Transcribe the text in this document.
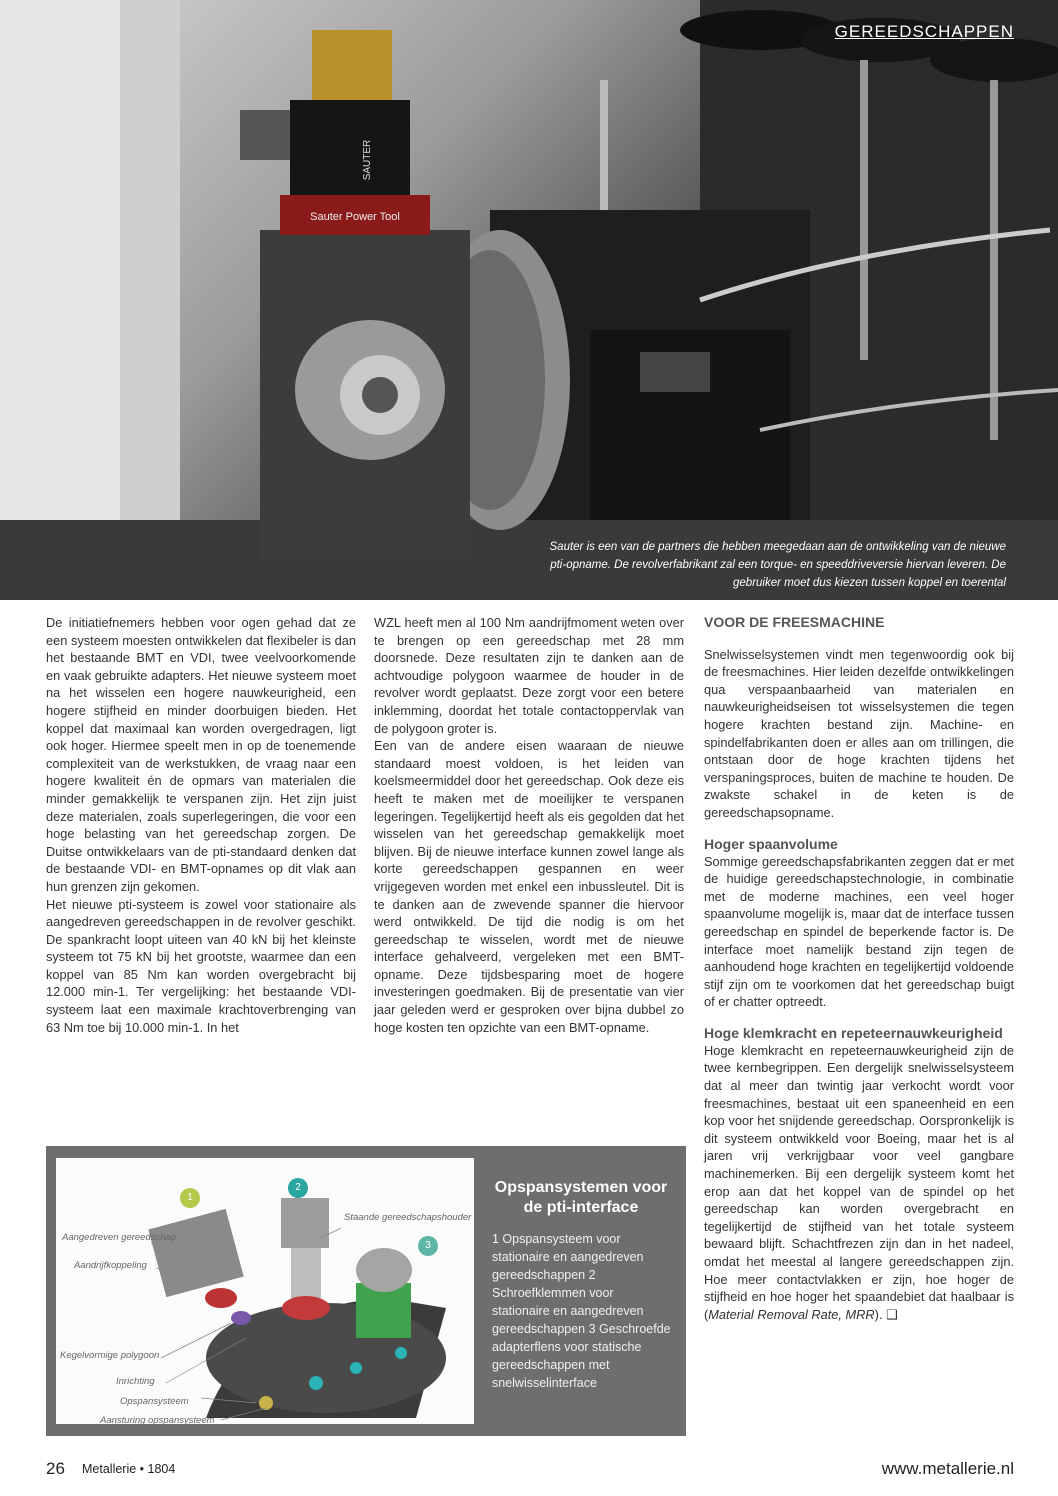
Sauter Power Tool
SAUTER
GEREEDSCHAPPEN
Sauter is een van de partners die hebben meegedaan aan de ontwikkeling van de nieuwe pti-opname. De revolverfabrikant zal een torque- en speeddriveversie hiervan leveren. De gebruiker moet dus kiezen tussen koppel en toerental

De initiatiefnemers hebben voor ogen gehad dat ze een systeem moesten ontwikkelen dat flexibeler is dan het bestaande BMT en VDI, twee veelvoorkomende en vaak gebruikte adapters. Het nieuwe systeem moet na het wisselen een hogere nauwkeurigheid, een hogere stijfheid en minder doorbuigen bieden. Het koppel dat maximaal kan worden overgedragen, ligt ook hoger. Hiermee speelt men in op de toenemende complexiteit van de werkstukken, de vraag naar een hogere kwaliteit én de opmars van materialen die minder gemakkelijk te verspanen zijn. Het zijn juist deze materialen, zoals superlegeringen, die voor een hoge belasting van het gereedschap zorgen. De Duitse ontwikkelaars van de pti-standaard denken dat de bestaande VDI- en BMT-opnames op dit vlak aan hun grenzen zijn gekomen.

Het nieuwe pti-systeem is zowel voor stationaire als aangedreven gereedschappen in de revolver geschikt. De spankracht loopt uiteen van 40 kN bij het kleinste systeem tot 75 kN bij het grootste, waarmee dan een koppel van 85 Nm kan worden overgebracht bij 12.000 min-1. Ter vergelijking: het bestaande VDI-systeem laat een maximale krachtoverbrenging van 63 Nm toe bij 10.000 min-1. In het

WZL heeft men al 100 Nm aandrijfmoment weten over te brengen op een gereedschap met 28 mm doorsnede. Deze resultaten zijn te danken aan de achtvoudige polygoon waarmee de houder in de revolver wordt geplaatst. Deze zorgt voor een betere inklemming, doordat het totale contactoppervlak van de polygoon groter is.

Een van de andere eisen waaraan de nieuwe standaard moest voldoen, is het leiden van koelsmeermiddel door het gereedschap. Ook deze eis heeft te maken met de moeilijker te verspanen legeringen. Tegelijkertijd heeft als eis gegolden dat het wisselen van het gereedschap gemakkelijk moet blijven. Bij de nieuwe interface kunnen zowel lange als korte gereedschappen gespannen en weer vrijgegeven worden met enkel een inbussleutel. Dit is te danken aan de zwevende spanner die hiervoor werd ontwikkeld. De tijd die nodig is om het gereedschap te wisselen, wordt met de nieuwe interface gehalveerd, vergeleken met een BMT-opname. Deze tijdsbesparing moet de hogere investeringen goedmaken. Bij de presentatie van vier jaar geleden werd er gesproken over bijna dubbel zo hoge kosten ten opzichte van een BMT-opname.

VOOR DE FREESMACHINE

Snelwisselsystemen vindt men tegenwoordig ook bij de freesmachines. Hier leiden dezelfde ontwikkelingen qua verspaanbaarheid van materialen en nauwkeurigheidseisen tot wisselsystemen die tegen hogere krachten bestand zijn. Machine- en spindelfabrikanten doen er alles aan om trillingen, die ontstaan door de hoge krachten tijdens het verspaningsproces, buiten de machine te houden. De zwakste schakel in de keten is de gereedschapsopname.

Hoger spaanvolume

Sommige gereedschapsfabrikanten zeggen dat er met de huidige gereedschapstechnologie, in combinatie met de moderne machines, een veel hoger spaanvolume mogelijk is, maar dat de interface tussen gereedschap en spindel de beperkende factor is. De interface moet namelijk bestand zijn tegen de aanhoudend hoge krachten en tegelijkertijd voldoende stijf zijn om te voorkomen dat het gereedschap buigt of er chatter optreedt.

Hoge klemkracht en repeteernauwkeurigheid

Hoge klemkracht en repeteernauwkeurigheid zijn de twee kernbegrippen. Een dergelijk snelwisselsysteem dat al meer dan twintig jaar verkocht wordt voor freesmachines, bestaat uit een spaneenheid en een kop voor het snijdende gereedschap. Oorspronkelijk is dit systeem ontwikkeld voor Boeing, maar het is al jaren vrij verkrijgbaar voor veel gangbare machinemerken. Bij een dergelijk systeem komt het erop aan dat het koppel van de spindel op het gereedschap kan worden overgebracht en tegelijkertijd de stijfheid van het totale systeem bewaard blijft. Schachtfrezen zijn dan in het nadeel, omdat het meestal al langere gereedschappen zijn. Hoe meer contactvlakken er zijn, hoe hoger de stijfheid en hoe hoger het spaandebiet dat haalbaar is (Material Removal Rate, MRR). ❑

1
2
3
Aangedreven gereedschap
Aandrijfkoppeling
Staande gereedschapshouder
Kegelvormige polygoon
Inrichting
Opspansysteem
Aansturing opspansysteem
Opspansystemen voor de pti-interface
1 Opspansysteem voor stationaire en aangedreven gereedschappen 2 Schroefklemmen voor stationaire en aangedreven gereedschappen 3 Geschroefde adapterflens voor statische gereedschappen met snelwisselinterface
26 Metallerie • 1804	www.metallerie.nl
